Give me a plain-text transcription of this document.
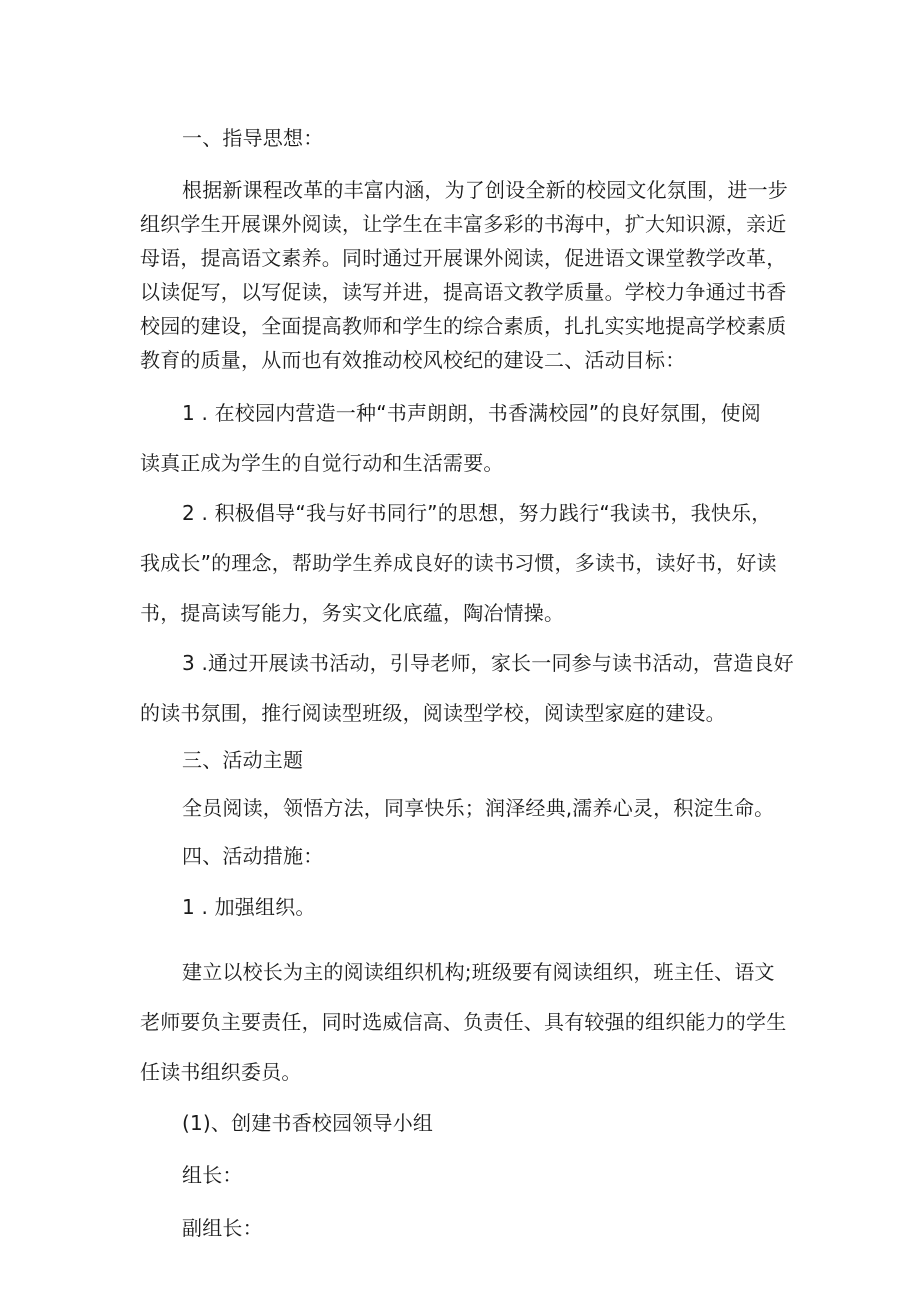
一、指导思想：
根据新课程改革的丰富内涵，为了创设全新的校园文化氛围，进一步
组织学生开展课外阅读，让学生在丰富多彩的书海中，扩大知识源，亲近
母语，提高语文素养。同时通过开展课外阅读，促进语文课堂教学改革，
以读促写，以写促读，读写并进，提高语文教学质量。学校力争通过书香
校园的建设，全面提高教师和学生的综合素质，扎扎实实地提高学校素质
教育的质量，从而也有效推动校风校纪的建设二、活动目标：
1 . 在校园内营造一种“书声朗朗，书香满校园”的良好氛围，使阅
读真正成为学生的自觉行动和生活需要。
2 . 积极倡导“我与好书同行”的思想，努力践行“我读书，我快乐，
我成长”的理念，帮助学生养成良好的读书习惯，多读书，读好书，好读
书，提高读写能力，务实文化底蕴，陶冶情操。
3 .通过开展读书活动，引导老师，家长一同参与读书活动，营造良好
的读书氛围，推行阅读型班级，阅读型学校，阅读型家庭的建设。
三、活动主题
全员阅读，领悟方法，同享快乐；润泽经典,濡养心灵，积淀生命。
四、活动措施：
1 . 加强组织。
建立以校长为主的阅读组织机构;班级要有阅读组织，班主任、语文
老师要负主要责任，同时选威信高、负责任、具有较强的组织能力的学生
任读书组织委员。
(1)、创建书香校园领导小组
组长：
副组长：
